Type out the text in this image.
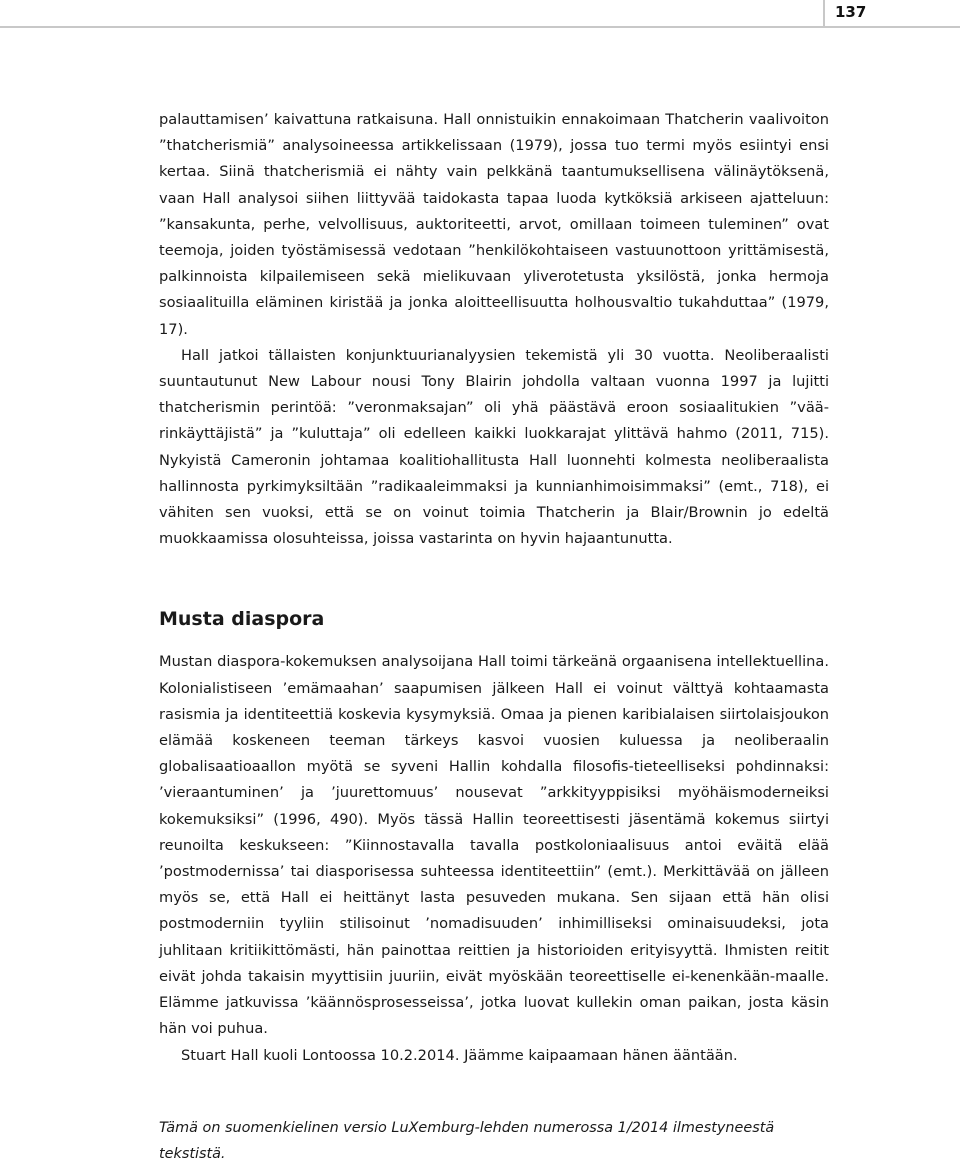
137

palauttamisen’ kaivattuna ratkaisuna. Hall onnistuikin ennakoimaan Thatcherin vaalivoiton ”thatcherismiä” analysoineessa artikkelissaan (1979), jossa tuo termi myös esiintyi ensi kertaa. Siinä thatcherismiä ei nähty vain pelkkänä taantumuksellisena välinäytöksenä, vaan Hall analysoi siihen liittyvää taidokasta tapaa luoda kytköksiä arkiseen ajatteluun: ”kansakunta, perhe, velvollisuus, auktoriteetti, arvot, omillaan toimeen tuleminen” ovat teemoja, joiden työstämisessä vedotaan ”henkilökohtaiseen vastuunottoon yrittämisestä, palkinnoista kilpailemiseen sekä mielikuvaan yliverotetusta yksilöstä, jonka hermoja sosiaalituilla eläminen kiristää ja jonka aloitteellisuutta holhousvaltio tukahduttaa” (1979, 17).

Hall jatkoi tällaisten konjunktuurianalyysien tekemistä yli 30 vuotta. Neoliberaalisti suuntautunut New Labour nousi Tony Blairin johdolla valtaan vuonna 1997 ja lujitti thatcherismin perintöä: ”veronmaksajan” oli yhä päästävä eroon sosiaalitukien ”väärinkäyttäjistä” ja ”kuluttaja” oli edelleen kaikki luokkarajat ylittävä hahmo (2011, 715). Nykyistä Cameronin johtamaa koalitiohallitusta Hall luonnehti kolmesta neoliberaalista hallinnosta pyrkimyksiltään ”radikaaleimmaksi ja kunnianhimoisimmaksi” (emt., 718), ei vähiten sen vuoksi, että se on voinut toimia Thatcherin ja Blair/Brownin jo edeltä muokkaamissa olosuhteissa, joissa vastarinta on hyvin hajaantunutta.

Musta diaspora

Mustan diaspora-kokemuksen analysoijana Hall toimi tärkeänä orgaanisena intellektuellina. Kolonialistiseen ’emämaahan’ saapumisen jälkeen Hall ei voinut välttyä kohtaamasta rasismia ja identiteettiä koskevia kysymyksiä. Omaa ja pienen karibialaisen siirtolaisjoukon elämää koskeneen teeman tärkeys kasvoi vuosien kuluessa ja neoliberaalin globalisaatioaallon myötä se syveni Hallin kohdalla filosofis-tieteelliseksi pohdinnaksi: ’vieraantuminen’ ja ’juurettomuus’ nousevat ”arkkityyppisiksi myöhäismoderneiksi kokemuksiksi” (1996, 490). Myös tässä Hallin teoreettisesti jäsentämä kokemus siirtyi reunoilta keskukseen: ”Kiinnostavalla tavalla postkoloniaalisuus antoi eväitä elää ’postmodernissa’ tai diasporisessa suhteessa identiteettiin” (emt.). Merkittävää on jälleen myös se, että Hall ei heittänyt lasta pesuveden mukana. Sen sijaan että hän olisi postmoderniin tyyliin stilisoinut ’nomadisuuden’ inhimilliseksi ominaisuudeksi, jota juhlitaan kritiikittömästi, hän painottaa reittien ja historioiden erityisyyttä. Ihmisten reitit eivät johda takaisin myyttisiin juuriin, eivät myöskään teoreettiselle ei-kenenkään-maalle. Elämme jatkuvissa ’käännösprosesseissa’, jotka luovat kullekin oman paikan, josta käsin hän voi puhua.

Stuart Hall kuoli Lontoossa 10.2.2014. Jäämme kaipaamaan hänen ääntään.

Tämä on suomenkielinen versio LuXemburg-lehden numerossa 1/2014 ilmestyneestä tekstistä.
